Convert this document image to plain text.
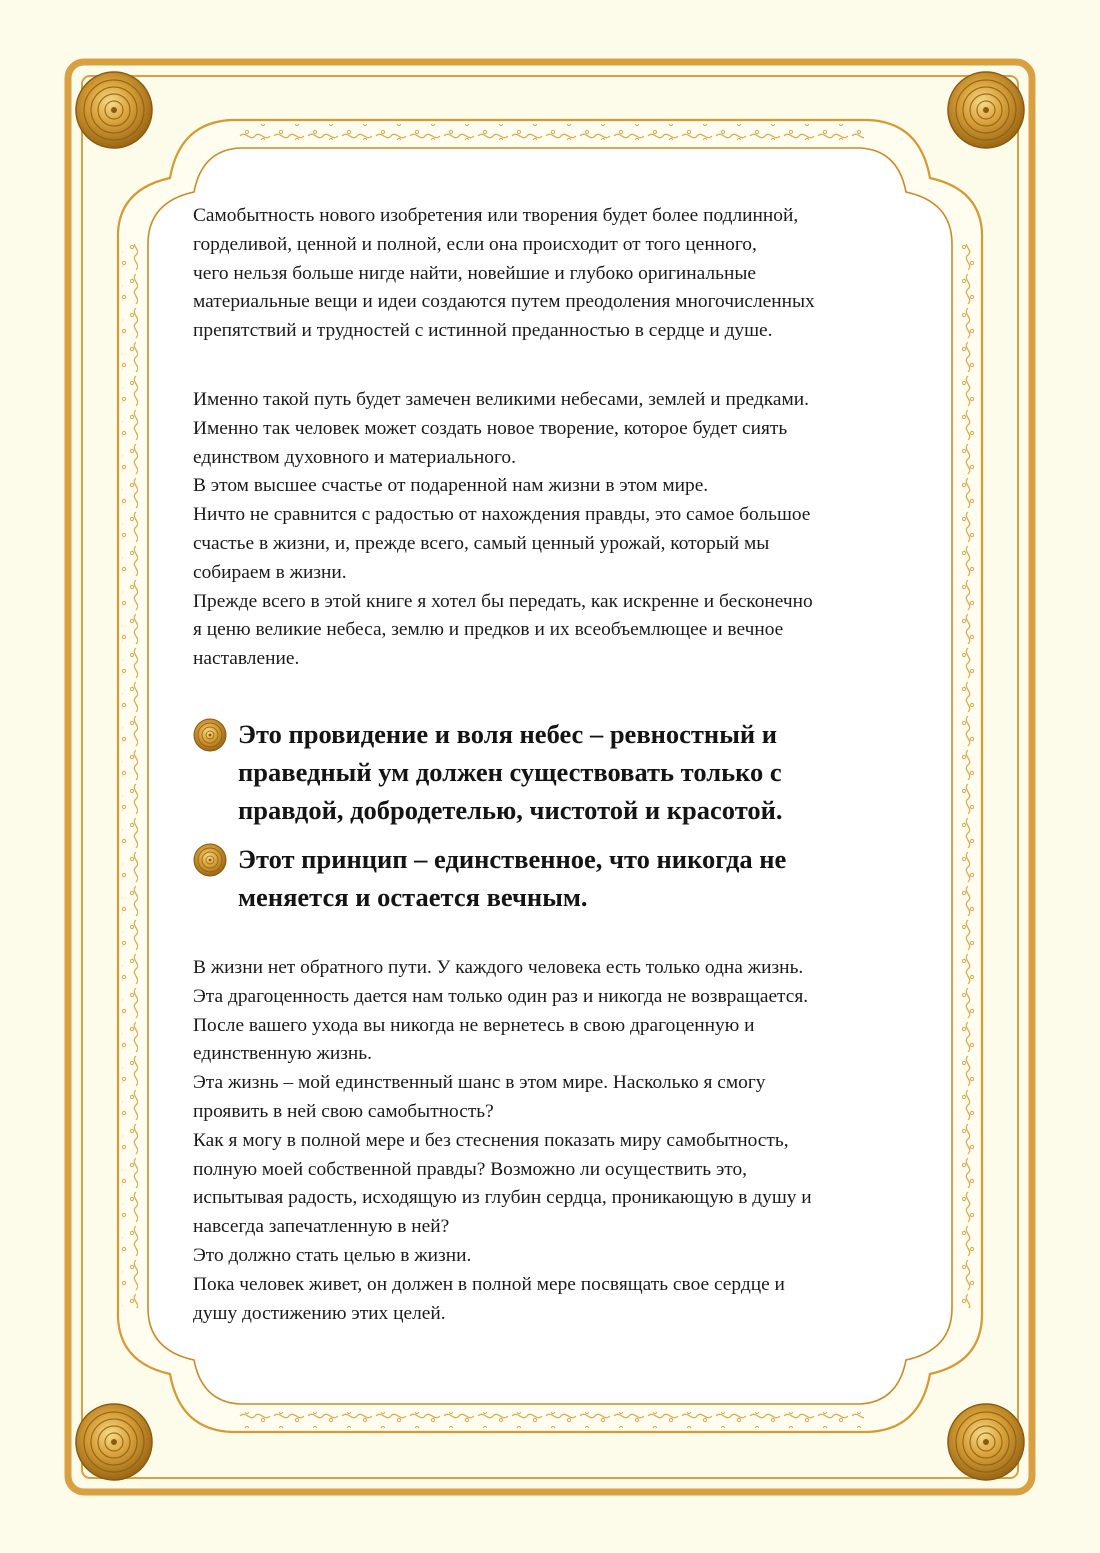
Самобытность нового изобретения или творения будет более подлинной,
горделивой, ценной и полной, если она происходит от того ценного,
чего нельзя больше нигде найти, новейшие и глубоко оригинальные
материальные вещи и идеи создаются путем преодоления многочисленных
препятствий и трудностей с истинной преданностью в сердце и душе.

Именно такой путь будет замечен великими небесами, землей и предками.
Именно так человек может создать новое творение, которое будет сиять
единством духовного и материального.
В этом высшее счастье от подаренной нам жизни в этом мире.
Ничто не сравнится с радостью от нахождения правды, это самое большое
счастье в жизни, и, прежде всего, самый ценный урожай, который мы
собираем в жизни.
Прежде всего в этой книге я хотел бы передать, как искренне и бесконечно
я ценю великие небеса, землю и предков и их всеобъемлющее и вечное
наставление.

Это провидение и воля небес – ревностный и
праведный ум должен существовать только с
правдой, добродетелью, чистотой и красотой.
Этот принцип – единственное, что никогда не
меняется и остается вечным.

В жизни нет обратного пути. У каждого человека есть только одна жизнь.
Эта драгоценность дается нам только один раз и никогда не возвращается.
После вашего ухода вы никогда не вернетесь в свою драгоценную и
единственную жизнь.
Эта жизнь – мой единственный шанс в этом мире. Насколько я смогу
проявить в ней свою самобытность?
Как я могу в полной мере и без стеснения показать миру самобытность,
полную моей собственной правды? Возможно ли осуществить это,
испытывая радость, исходящую из глубин сердца, проникающую в душу и
навсегда запечатленную в ней?
Это должно стать целью в жизни.
Пока человек живет, он должен в полной мере посвящать свое сердце и
душу достижению этих целей.
